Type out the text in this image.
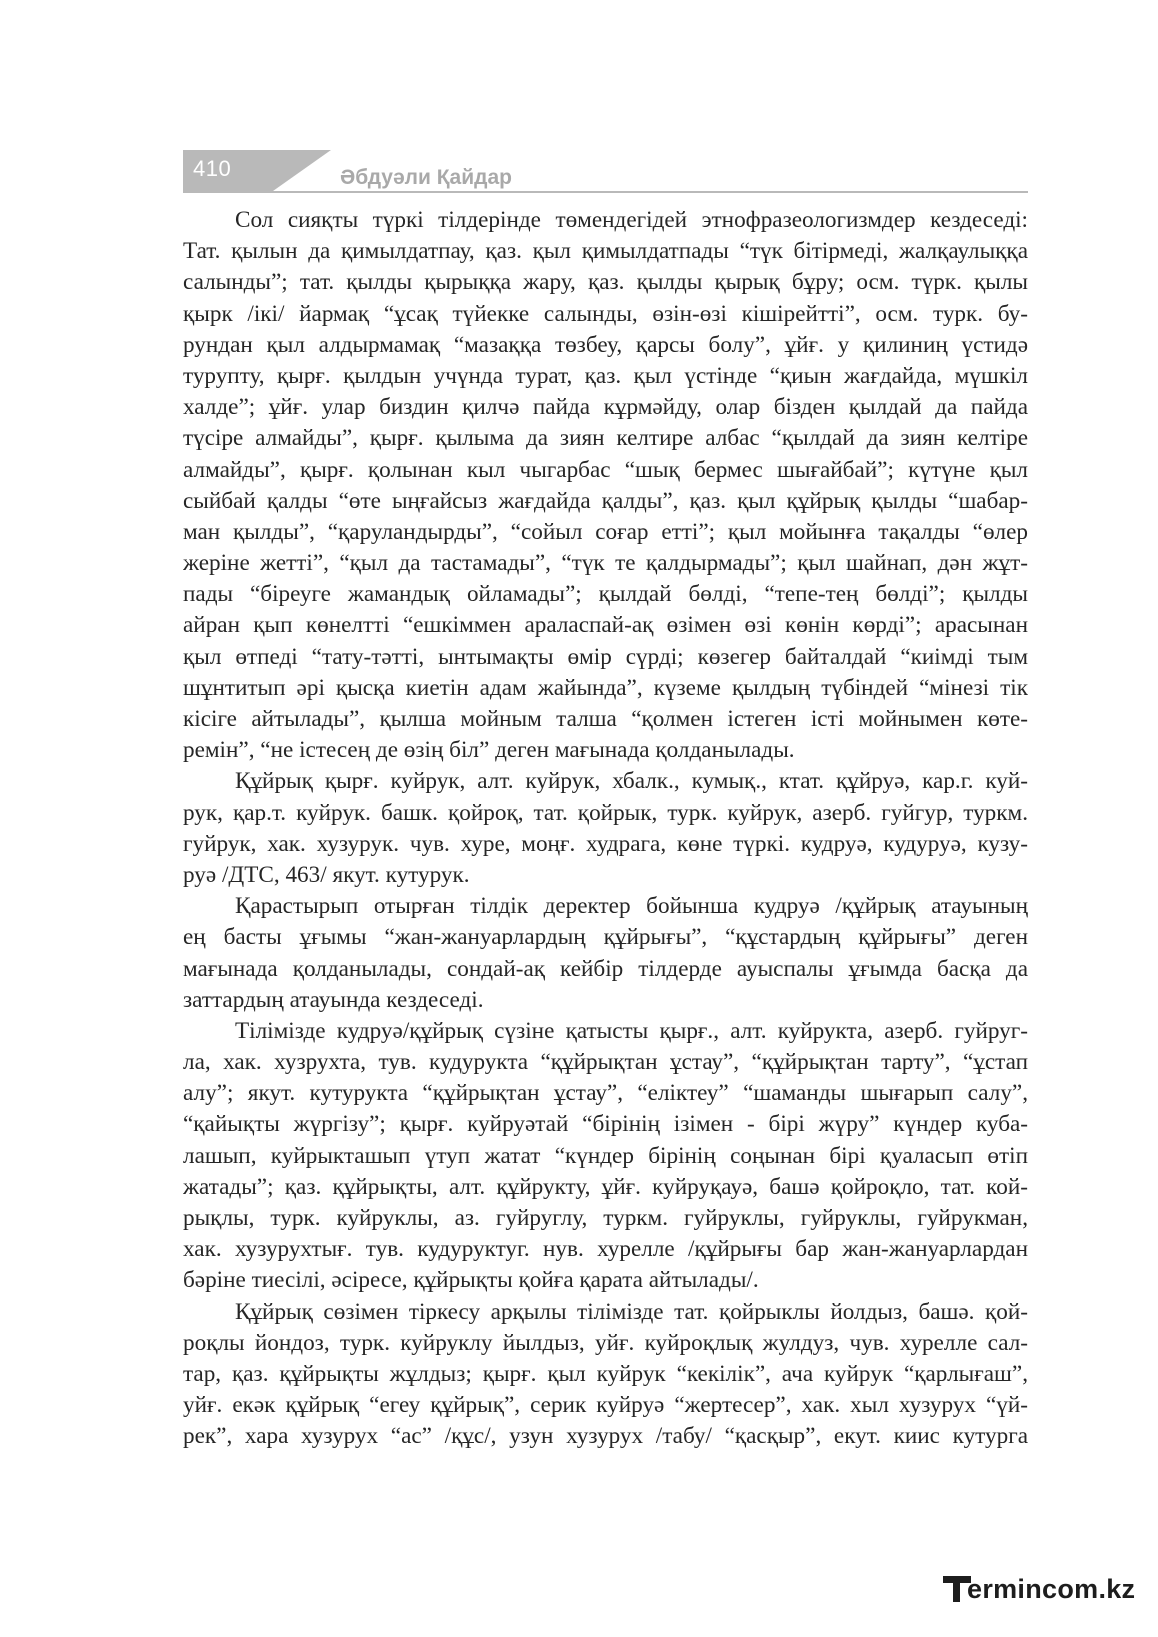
410	Әбдуәли Қайдар
Сол сияқты түркі тілдерінде төмендегідей этнофразеологизмдер кездеседі:
Тат. қылын да қимылдатпау, қаз. қыл қимылдатпады “түк бітірмеді, жалқаулыққа
салынды”; тат. қылды қырыққа жару, қаз. қылды қырық бұру; осм. түрк. қылы
қырк /ікі/ йармақ “ұсақ түйекке салынды, өзін-өзі кішірейтті”, осм. турк. бу-
рундан қыл алдырмамақ “мазаққа төзбеу, қарсы болу”, ұйғ. у қилиниң үстидә
турупту, қырғ. қылдын учүнда турат, қаз. қыл үстінде “қиын жағдайда, мүшкіл
халде”; ұйғ. улар биздин қилчә пайда кұрмәйду, олар бізден қылдай да пайда
түсіре алмайды”, қырғ. қылыма да зиян келтире албас “қылдай да зиян келтіре
алмайды”, қырғ. қолынан кыл чыгарбас “шық бермес шығайбай”; күтүне қыл
сыйбай қалды “өте ыңғайсыз жағдайда қалды”, қаз. қыл құйрық қылды “шабар-
ман қылды”, “қаруландырды”, “сойыл соғар етті”; қыл мойынға тақалды “өлер
жеріне жетті”, “қыл да тастамады”, “түк те қалдырмады”; қыл шайнап, дән жұт-
пады “біреуге жамандық ойламады”; қылдай бөлді, “тепе-тең бөлді”; қылды
айран қып көнелтті “ешкіммен араласпай-ақ өзімен өзі көнін көрді”; арасынан
қыл өтпеді “тату-тәтті, ынтымақты өмір сүрді; көзегер байталдай “киімді тым
шұнтитып әрі қысқа киетін адам жайында”, күземе қылдың түбіндей “мінезі тік
кісіге айтылады”, қылша мойным талша “қолмен істеген істі мойнымен көте-
ремін”, “не істесең де өзің біл” деген мағынада қолданылады.
Құйрық қырғ. куйрук, алт. куйрук, хбалк., кумық., ктат. құйруә, кар.г. куй-
рук, қар.т. куйрук. башк. қойроқ, тат. қойрык, турк. куйрук, азерб. гуйгур, туркм.
гуйрук, хак. хузурук. чув. хуре, моңғ. худрага, көне түркі. кудруә, кудуруә, кузу-
руә /ДТС, 463/ якут. кутурук.
Қарастырып отырған тілдік деректер бойынша кудруә /құйрық атауының
ең басты ұғымы “жан-жануарлардың құйрығы”, “құстардың құйрығы” деген
мағынада қолданылады, сондай-ақ кейбір тілдерде ауыспалы ұғымда басқа да
заттардың атауында кездеседі.
Тілімізде кудруә/құйрық сүзіне қатысты қырғ., алт. куйрукта, азерб. гуйруг-
ла, хак. хузрухта, тув. кудурукта “құйрықтан ұстау”, “құйрықтан тарту”, “ұстап
алу”; якут. кутурукта “құйрықтан ұстау”, “еліктеу” “шаманды шығарып салу”,
“қайықты жүргізу”; қырғ. куйруәтай “бірінің ізімен - бірі жүру” күндер куба-
лашып, куйрыкташып үтуп жатат “күндер бірінің соңынан бірі қуаласып өтіп
жатады”; қаз. құйрықты, алт. құйрукту, ұйғ. куйруқауә, башә қойроқло, тат. кой-
рықлы, турк. куйруклы, аз. гуйруглу, туркм. гуйруклы, гуйруклы, гуйрукман,
хак. хузурухтығ. тув. кудуруктуг. нув. хурелле /құйрығы бар жан-жануарлардан
бәріне тиесілі, әсіресе, құйрықты қойға қарата айтылады/.
Құйрық сөзімен тіркесу арқылы тілімізде тат. қойрыклы йолдыз, башә. қой-
роқлы йондоз, турк. куйруклу йылдыз, уйғ. куйроқлық жулдуз, чув. хурелле сал-
тар, қаз. құйрықты жұлдыз; қырғ. қыл куйрук “кекілік”, ача куйрук “қарлығаш”,
уйғ. екәк құйрық “егеу құйрық”, серик куйруә “жертесер”, хак. хыл хузурух “үй-
рек”, хара хузурух “ас” /құс/, узун хузурух /табу/ “қасқыр”, екут. киис кутурга
ermincom.kz
